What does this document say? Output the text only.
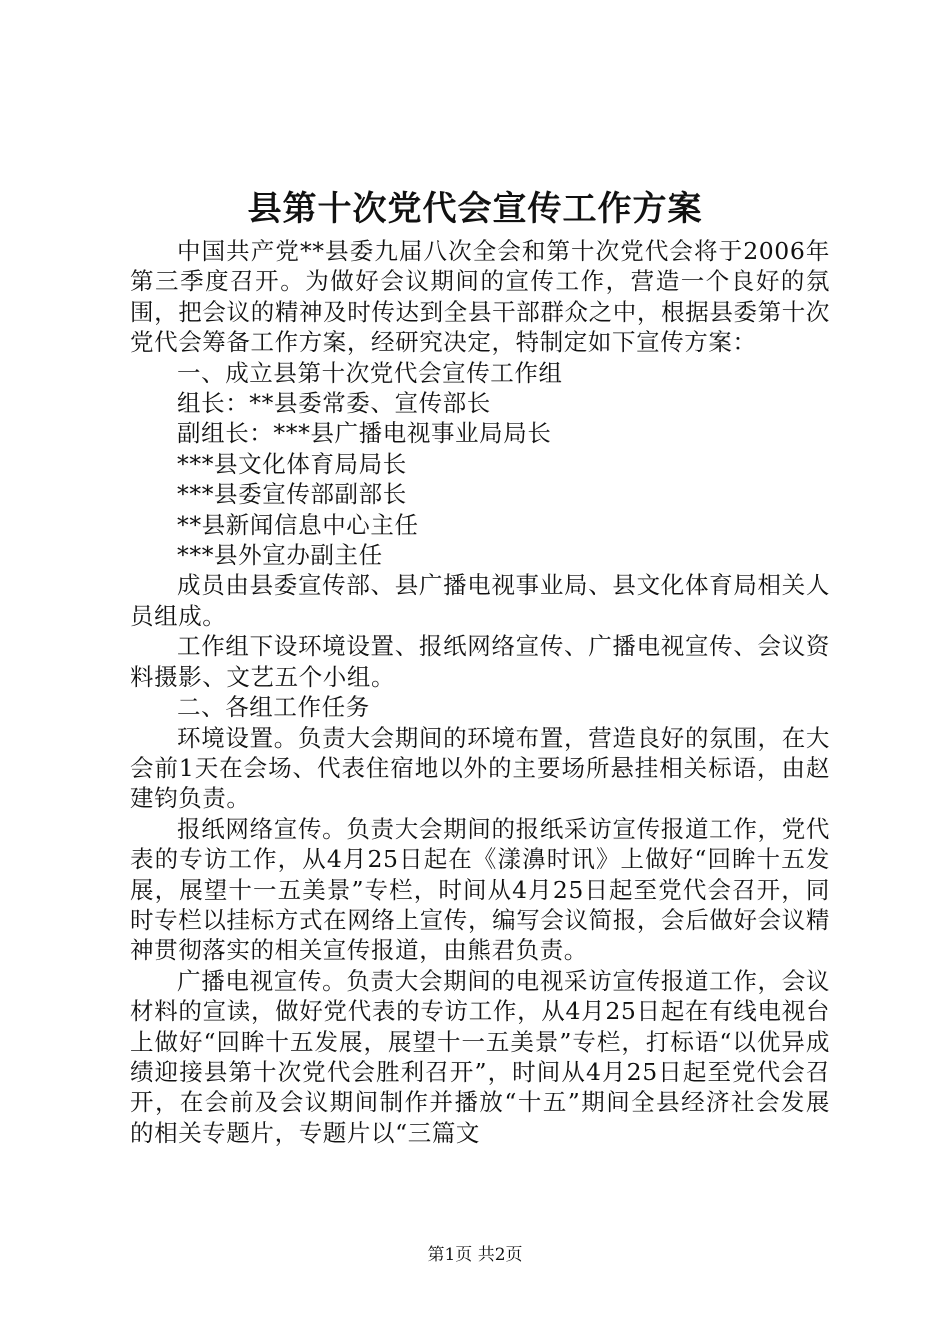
县第十次党代会宣传工作方案

中国共产党**县委九届八次全会和第十次党代会将于2006年第三季度召开。为做好会议期间的宣传工作，营造一个良好的氛围，把会议的精神及时传达到全县干部群众之中，根据县委第十次党代会筹备工作方案，经研究决定，特制定如下宣传方案：

一、成立县第十次党代会宣传工作组

组长：**县委常委、宣传部长

副组长：***县广播电视事业局局长

***县文化体育局局长

***县委宣传部副部长

**县新闻信息中心主任

***县外宣办副主任

成员由县委宣传部、县广播电视事业局、县文化体育局相关人员组成。

工作组下设环境设置、报纸网络宣传、广播电视宣传、会议资料摄影、文艺五个小组。

二、各组工作任务

环境设置。负责大会期间的环境布置，营造良好的氛围，在大会前1天在会场、代表住宿地以外的主要场所悬挂相关标语，由赵建钧负责。

报纸网络宣传。负责大会期间的报纸采访宣传报道工作，党代表的专访工作，从4月25日起在《漾濞时讯》上做好“回眸十五发展，展望十一五美景”专栏，时间从4月25日起至党代会召开，同时专栏以挂标方式在网络上宣传，编写会议简报，会后做好会议精神贯彻落实的相关宣传报道，由熊君负责。

广播电视宣传。负责大会期间的电视采访宣传报道工作，会议材料的宣读，做好党代表的专访工作，从4月25日起在有线电视台上做好“回眸十五发展，展望十一五美景”专栏，打标语“以优异成绩迎接县第十次党代会胜利召开”，时间从4月25日起至党代会召开，在会前及会议期间制作并播放“十五”期间全县经济社会发展的相关专题片，专题片以“三篇文

第1页 共2页
